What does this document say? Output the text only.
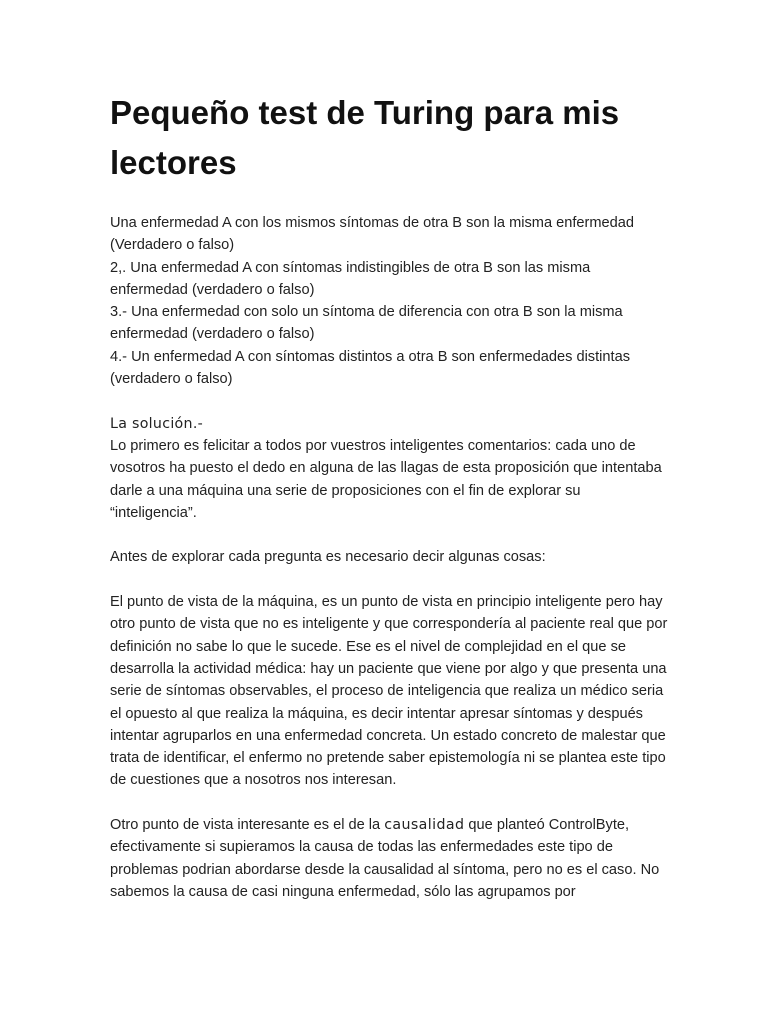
Pequeño test de Turing para mis lectores
Una enfermedad A con los mismos síntomas de otra B son la misma enfermedad (Verdadero o falso)
2,. Una enfermedad A con síntomas indistingibles de otra B son las misma enfermedad (verdadero o falso)
3.- Una enfermedad con solo un síntoma de diferencia con otra B son la misma enfermedad (verdadero o falso)
4.- Un enfermedad A con síntomas distintos a otra B son enfermedades distintas (verdadero o falso)
La solución.-

Lo primero es felicitar a todos por vuestros inteligentes comentarios: cada uno de vosotros ha puesto el dedo en alguna de las llagas de esta proposición que intentaba darle a una máquina una serie de proposiciones con el fin de explorar su “inteligencia”.

Antes de explorar cada pregunta es necesario decir algunas cosas:

El punto de vista de la máquina, es un punto de vista en principio inteligente pero hay otro punto de vista que no es inteligente y que correspondería al paciente real que por definición no sabe lo que le sucede. Ese es el nivel de complejidad en el que se desarrolla la actividad médica: hay un paciente que viene por algo y que presenta una serie de síntomas observables, el proceso de inteligencia que realiza un médico seria el opuesto al que realiza la máquina, es decir intentar apresar síntomas y después intentar agruparlos en una enfermedad concreta. Un estado concreto de malestar que trata de identificar, el enfermo no pretende saber epistemología ni se plantea este tipo de cuestiones que a nosotros nos interesan.

Otro punto de vista interesante es el de la causalidad que planteó ControlByte, efectivamente si supieramos la causa de todas las enfermedades este tipo de problemas podrian abordarse desde la causalidad al síntoma, pero no es el caso. No sabemos la causa de casi ninguna enfermedad, sólo las agrupamos por
